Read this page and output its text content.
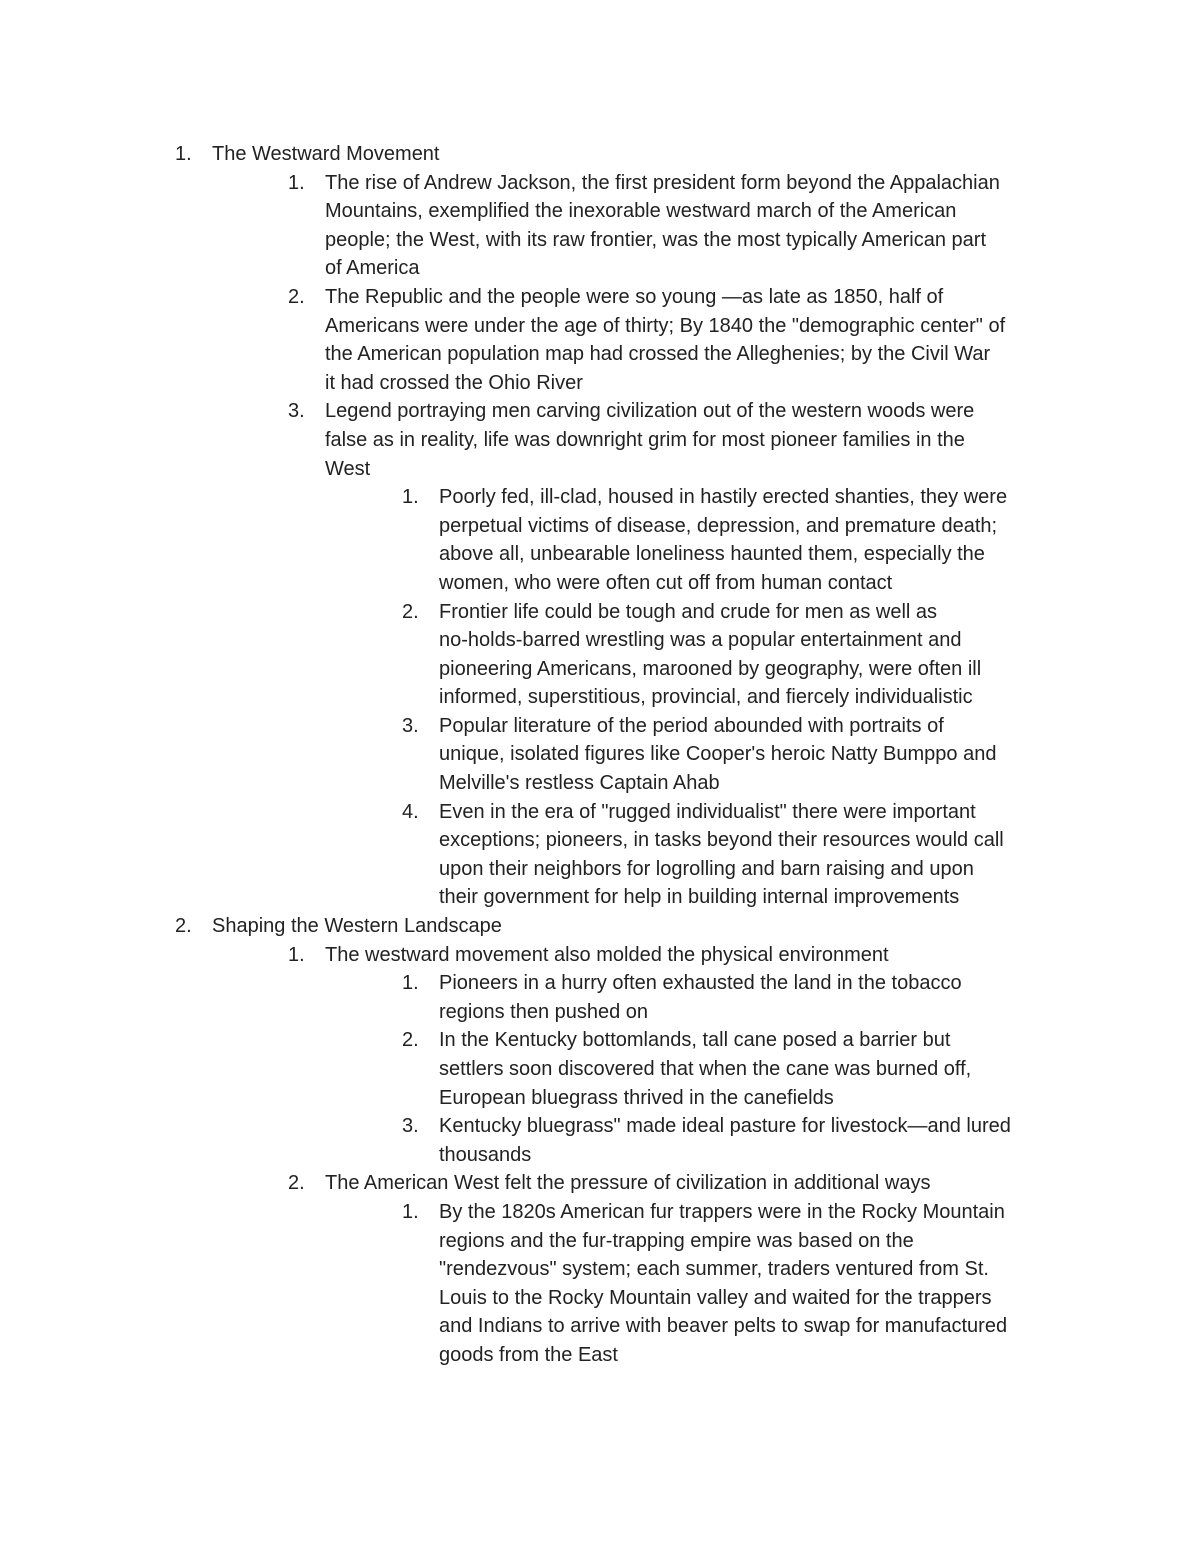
1. The Westward Movement
1. The rise of Andrew Jackson, the first president form beyond the Appalachian
Mountains, exemplified the inexorable westward march of the American
people; the West, with its raw frontier, was the most typically American part
of America
2. The Republic and the people were so young —as late as 1850, half of
Americans were under the age of thirty; By 1840 the "demographic center" of
the American population map had crossed the Alleghenies; by the Civil War
it had crossed the Ohio River
3. Legend portraying men carving civilization out of the western woods were
false as in reality, life was downright grim for most pioneer families in the
West
1. Poorly fed, ill-clad, housed in hastily erected shanties, they were
perpetual victims of disease, depression, and premature death;
above all, unbearable loneliness haunted them, especially the
women, who were often cut off from human contact
2. Frontier life could be tough and crude for men as well as
no-holds-barred wrestling was a popular entertainment and
pioneering Americans, marooned by geography, were often ill
informed, superstitious, provincial, and fiercely individualistic
3. Popular literature of the period abounded with portraits of
unique, isolated figures like Cooper's heroic Natty Bumppo and
Melville's restless Captain Ahab
4. Even in the era of "rugged individualist" there were important
exceptions; pioneers, in tasks beyond their resources would call
upon their neighbors for logrolling and barn raising and upon
their government for help in building internal improvements
2. Shaping the Western Landscape
1. The westward movement also molded the physical environment
1. Pioneers in a hurry often exhausted the land in the tobacco
regions then pushed on
2. In the Kentucky bottomlands, tall cane posed a barrier but
settlers soon discovered that when the cane was burned off,
European bluegrass thrived in the canefields
3. Kentucky bluegrass" made ideal pasture for livestock—and lured
thousands
2. The American West felt the pressure of civilization in additional ways
1. By the 1820s American fur trappers were in the Rocky Mountain
regions and the fur-trapping empire was based on the
"rendezvous" system; each summer, traders ventured from St.
Louis to the Rocky Mountain valley and waited for the trappers
and Indians to arrive with beaver pelts to swap for manufactured
goods from the East
